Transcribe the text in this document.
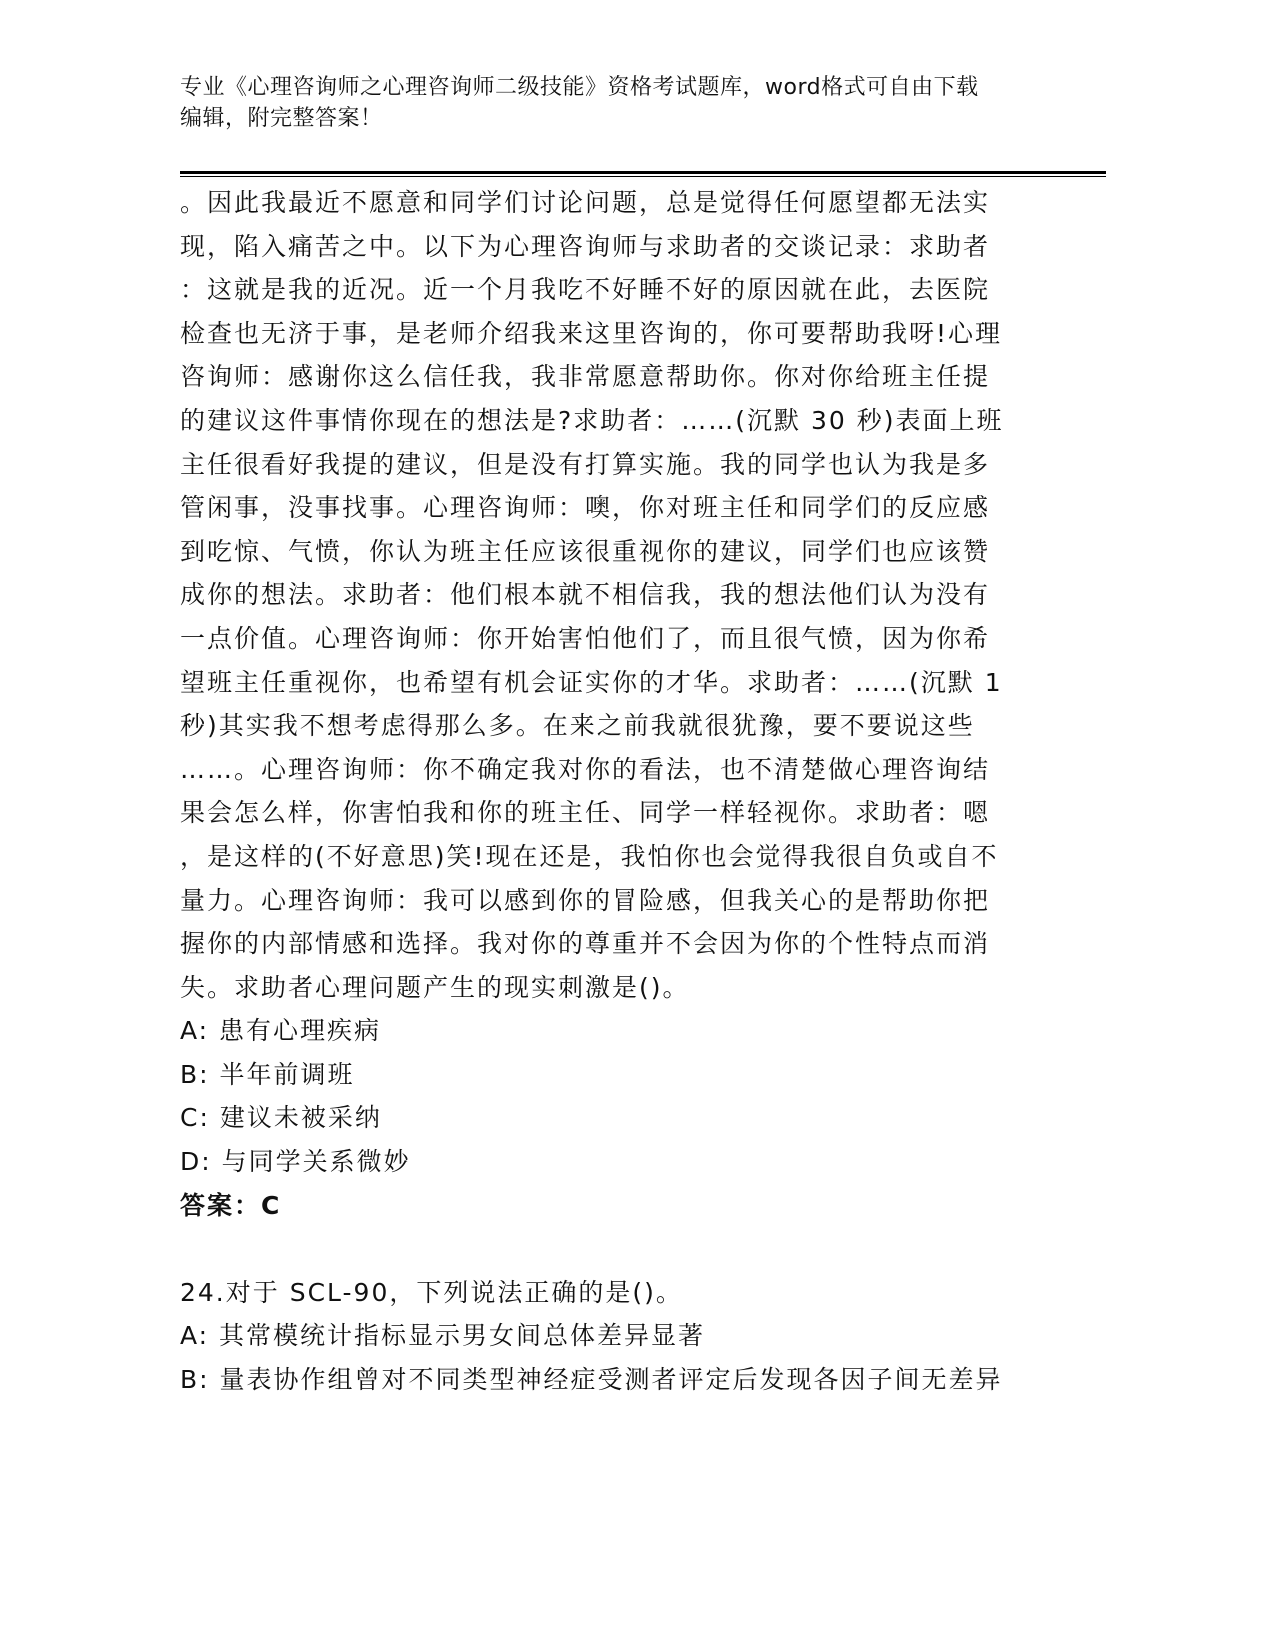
专业《心理咨询师之心理咨询师二级技能》资格考试题库，word格式可自由下载
编辑，附完整答案！
。因此我最近不愿意和同学们讨论问题，总是觉得任何愿望都无法实
现，陷入痛苦之中。以下为心理咨询师与求助者的交谈记录：求助者
：这就是我的近况。近一个月我吃不好睡不好的原因就在此，去医院
检查也无济于事，是老师介绍我来这里咨询的，你可要帮助我呀!心理
咨询师：感谢你这么信任我，我非常愿意帮助你。你对你给班主任提
的建议这件事情你现在的想法是?求助者：……(沉默 30 秒)表面上班
主任很看好我提的建议，但是没有打算实施。我的同学也认为我是多
管闲事，没事找事。心理咨询师：噢，你对班主任和同学们的反应感
到吃惊、气愤，你认为班主任应该很重视你的建议，同学们也应该赞
成你的想法。求助者：他们根本就不相信我，我的想法他们认为没有
一点价值。心理咨询师：你开始害怕他们了，而且很气愤，因为你希
望班主任重视你，也希望有机会证实你的才华。求助者：……(沉默 1
秒)其实我不想考虑得那么多。在来之前我就很犹豫，要不要说这些
……。心理咨询师：你不确定我对你的看法，也不清楚做心理咨询结
果会怎么样，你害怕我和你的班主任、同学一样轻视你。求助者：嗯
，是这样的(不好意思)笑!现在还是，我怕你也会觉得我很自负或自不
量力。心理咨询师：我可以感到你的冒险感，但我关心的是帮助你把
握你的内部情感和选择。我对你的尊重并不会因为你的个性特点而消
失。求助者心理问题产生的现实刺激是()。
A: 患有心理疾病
B: 半年前调班
C: 建议未被采纳
D: 与同学关系微妙
答案：C
24.对于 SCL-90，下列说法正确的是()。
A: 其常模统计指标显示男女间总体差异显著
B: 量表协作组曾对不同类型神经症受测者评定后发现各因子间无差异
